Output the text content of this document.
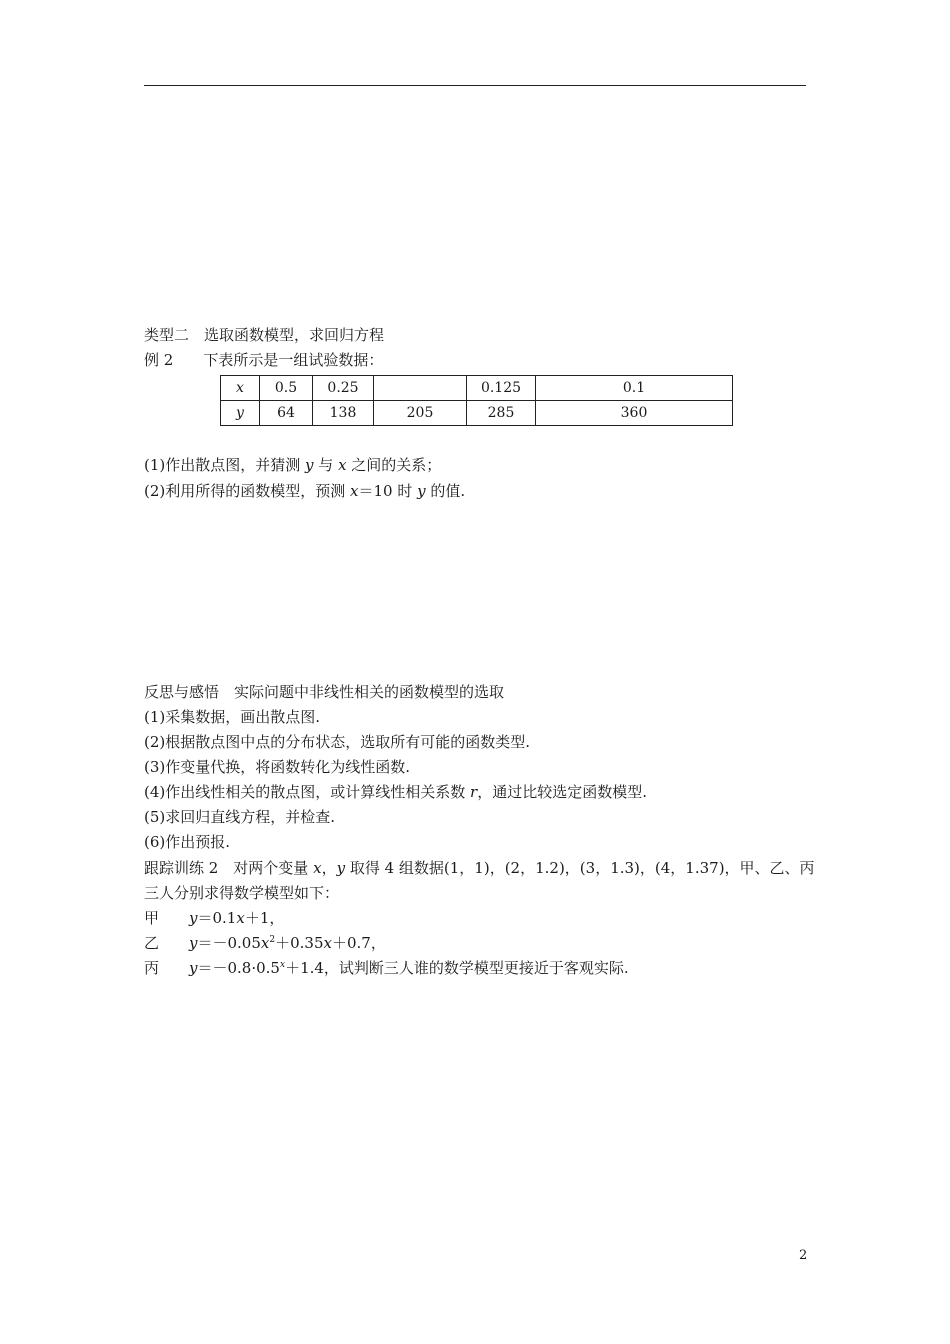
类型二　选取函数模型，求回归方程
例 2 下表所示是一组试验数据：
x	0.5	0.25		0.125	0.1
y	64	138	205	285	360
(1)作出散点图，并猜测 y 与 x 之间的关系；
(2)利用所得的函数模型，预测 x＝10 时 y 的值.
反思与感悟　实际问题中非线性相关的函数模型的选取
(1)采集数据，画出散点图.
(2)根据散点图中点的分布状态，选取所有可能的函数类型.
(3)作变量代换，将函数转化为线性函数.
(4)作出线性相关的散点图，或计算线性相关系数 r，通过比较选定函数模型.
(5)求回归直线方程，并检查.
(6)作出预报.
跟踪训练 2　对两个变量 x，y 取得 4 组数据(1，1)，(2，1.2)，(3，1.3)，(4，1.37)，甲、乙、丙
三人分别求得数学模型如下：
甲 y＝0.1x＋1，
乙 $y=-0.05x^2+0.35x+0.7$，
丙 $y=-0.8\cdot 0.5^x+1.4$，试判断三人谁的数学模型更接近于客观实际.
2
